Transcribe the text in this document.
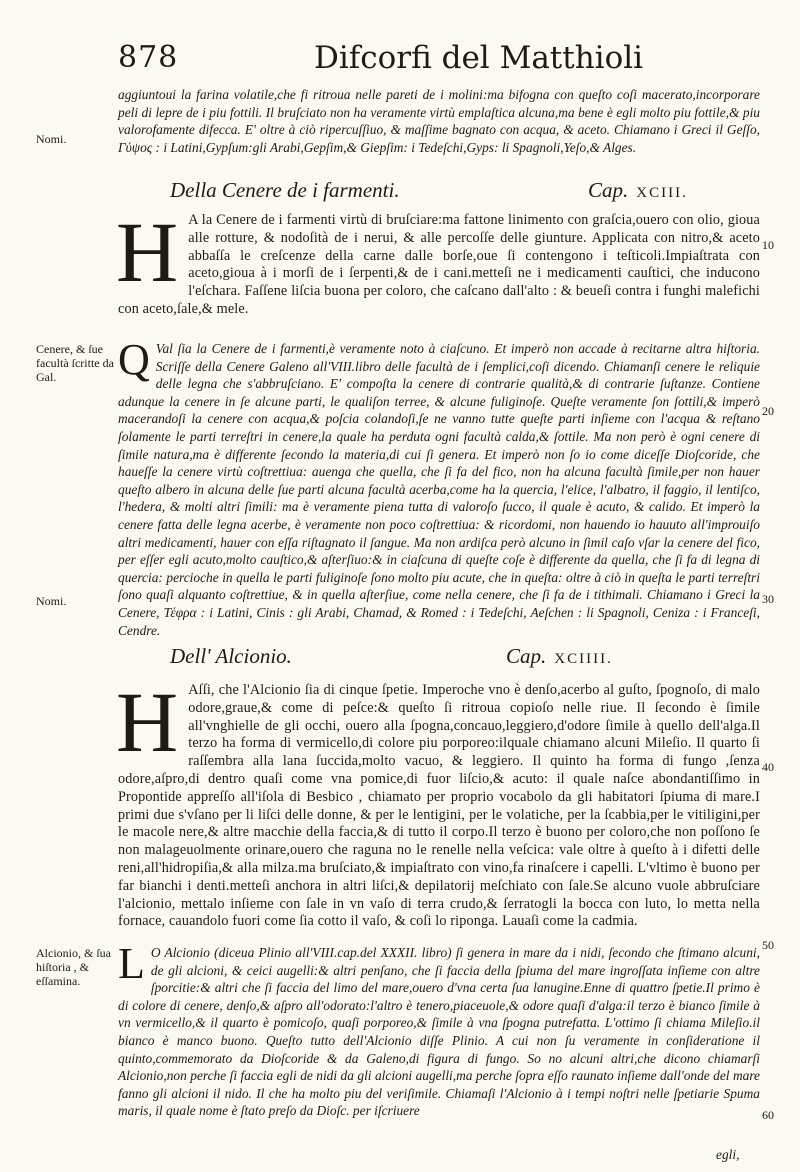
878	Difcorfi del Matthioli

aggiuntoui la farina volatile,che fi ritroua nelle pareti de i molini:ma bifogna con queſto coſi macerato,incorporare peli di lepre de i piu fottili. Il bruſciato non ha veramente virtù emplaſtica alcuna,ma bene è egli molto piu fottile,& piu valorofamente difecca. E' oltre à ciò ripercuſſiuo, & maſſime bagnato con acqua, & aceto. Chiamano i Greci il Geſſo, Γύψος : i Latini,Gypſum:gli Arabi,Gepſim,& Giepſim: i Tedeſchi,Gyps: li Spagnoli,Yeſo,& Alges.

Della Cenere de i farmenti.	Cap. XCIII.

H A la Cenere de i farmenti virtù di bruſciare:ma fattone linimento con graſcia,ouero con olio, gioua alle rotture, & nodoſità de i nerui, & alle percoſſe delle giunture. Applicata con nitro,& aceto abbaſſa le creſcenze della carne dalle borſe,oue ſi contengono i teſticoli.Impiaſtrata con aceto,gioua à i morſi de i ſerpenti,& de i cani.metteſi ne i medicamenti cauſtici, che inducono l'eſchara. Faſſene liſcia buona per coloro, che caſcano dall'alto : & beueſi contra i funghi malefichi con aceto,ſale,& mele.

Q Val ſia la Cenere de i farmenti,è veramente noto à ciaſcuno. Et imperò non accade à recitarne altra hiſtoria. Scriſſe della Cenere Galeno all'VIII.libro delle facultà de i ſemplici,coſi dicendo. Chiamanſi cenere le reliquie delle legna che s'abbruſciano. E' compoſta la cenere di contrarie qualità,& di contrarie ſuſtanze. Contiene adunque la cenere in ſe alcune parti, le qualiſon terree, & alcune fuliginoſe. Queſte veramente ſon ſottili,& imperò macerandoſi la cenere con acqua,& poſcia colandoſi,ſe ne vanno tutte queſte parti inſieme con l'acqua & reſtano ſolamente le parti terreſtri in cenere,la quale ha perduta ogni facultà calda,& ſottile. Ma non però è ogni cenere di ſimile natura,ma è differente ſecondo la materia,di cui ſi genera. Et imperò non ſo io come diceſſe Dioſcoride, che haueſſe la cenere virtù coſtrettiua: auenga che quella, che ſi fa del fico, non ha alcuna facultà ſimile,per non hauer queſto albero in alcuna delle ſue parti alcuna facultà acerba,come ha la quercia, l'elice, l'albatro, il faggio, il lentiſco, l'hedera, & molti altri ſimili: ma è veramente piena tutta di valoroſo ſucco, il quale è acuto, & calido. Et imperò la cenere fatta delle legna acerbe, è veramente non poco coſtrettiua: & ricordomi, non hauendo io hauuto all'improuiſo altri medicamenti, hauer con eſſa riſtagnato il ſangue. Ma non ardiſca però alcuno in ſimil caſo vſar la cenere del fico, per eſſer egli acuto,molto cauſtico,& aſterſiuo:& in ciaſcuna di queſte coſe è differente da quella, che ſi fa di legna di quercia: percioche in quella le parti fuliginoſe ſono molto piu acute, che in queſta: oltre à ciò in queſta le parti terreſtri ſono quaſi alquanto coſtrettiue, & in quella aſterſiue, come nella cenere, che ſi fa de i tithimali. Chiamano i Greci la Cenere, Τέφρα : i Latini, Cinis : gli Arabi, Chamad, & Romed : i Tedeſchi, Aeſchen : li Spagnoli, Ceniza : i Franceſi, Cendre.

Dell' Alcionio.	Cap. XCIIII.

H Aſſi, che l'Alcionio ſia di cinque ſpetie. Imperoche vno è denſo,acerbo al guſto, ſpognoſo, di malo odore,graue,& come di peſce:& queſto ſi ritroua copioſo nelle riue. Il ſecondo è ſimile all'vnghielle de gli occhi, ouero alla ſpogna,concauo,leggiero,d'odore ſimile à quello dell'alga.Il terzo ha forma di vermicello,di colore piu porporeo:ilquale chiamano alcuni Mileſio. Il quarto ſi raſſembra alla lana ſuccida,molto vacuo, & leggiero. Il quinto ha forma di fungo ,ſenza odore,aſpro,di dentro quaſi come vna pomice,di fuor liſcio,& acuto: il quale naſce abondantiſſimo in Propontide appreſſo all'iſola di Besbico , chiamato per proprio vocabolo da gli habitatori ſpiuma di mare.I primi due s'vſano per li liſci delle donne, & per le lentigini, per le volatiche, per la ſcabbia,per le vitiligini,per le macole nere,& altre macchie della faccia,& di tutto il corpo.Il terzo è buono per coloro,che non poſſono ſe non malageuolmente orinare,ouero che raguna no le renelle nella veſcica: vale oltre à queſto à i difetti delle reni,all'hidropiſia,& alla milza.ma bruſciato,& impiaſtrato con vino,fa rinaſcere i capelli. L'vltimo è buono per far bianchi i denti.metteſi anchora in altri liſci,& depilatorij meſchiato con ſale.Se alcuno vuole abbruſciare l'alcionio, mettalo inſieme con ſale in vn vaſo di terra crudo,& ſerratogli la bocca con luto, lo metta nella fornace, cauandolo fuori come ſia cotto il vaſo, & coſi lo riponga. Lauaſi come la cadmia.

L O Alcionio (diceua Plinio all'VIII.cap.del XXXII. libro) ſi genera in mare da i nidi, ſecondo che ſtimano alcuni, de gli alcioni, & ceici augelli:& altri penſano, che ſi faccia della ſpiuma del mare ingroſſata inſieme con altre ſporcitie:& altri che ſi faccia del limo del mare,ouero d'vna certa ſua lanugine.Enne di quattro ſpetie.Il primo è di colore di cenere, denſo,& aſpro all'odorato:l'altro è tenero,piaceuole,& odore quaſi d'alga:il terzo è bianco ſimile à vn vermicello,& il quarto è pomicoſo, quaſi porporeo,& ſimile à vna ſpogna putrefatta. L'ottimo ſi chiama Mileſio.il bianco è manco buono. Queſto tutto dell'Alcionio diſſe Plinio. A cui non ſu veramente in conſideratione il quinto,commemorato da Dioſcoride & da Galeno,di figura di fungo. So no alcuni altri,che dicono chiamarſi Alcionio,non perche ſi faccia egli de nidi da gli alcioni augelli,ma perche ſopra eſſo raunato inſieme dall'onde del mare fanno gli alcioni il nido. Il che ha molto piu del veriſimile. Chiamaſi l'Alcionio à i tempi noſtri nelle ſpetiarie Spuma maris, il quale nome è ſtato preſo da Dioſc. per iſcriuere

egli,
Nomi.
Cenere, & ſue facultà ſcritte da Gal.
Nomi.
Alcionio, & ſua hiſtoria , & eſſamina.
10
20
30
40
50
60
